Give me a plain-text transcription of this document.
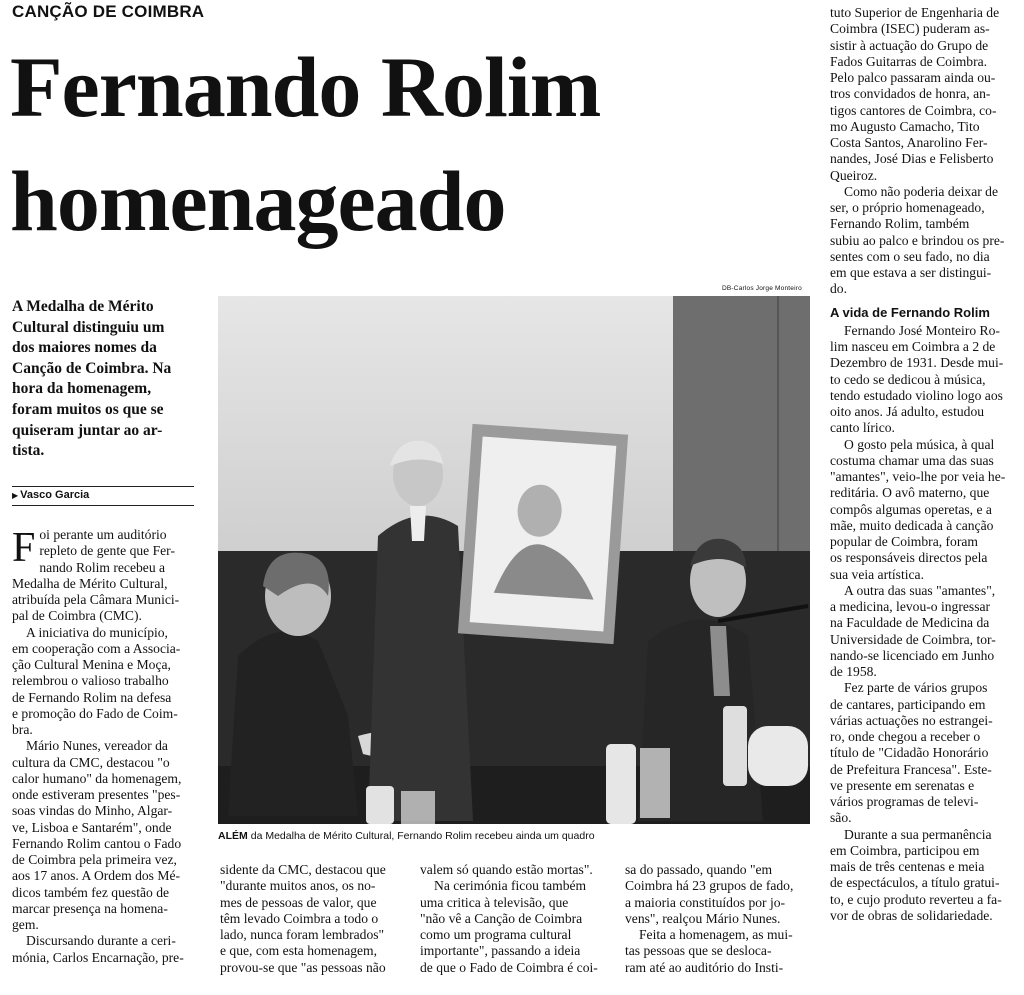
CANÇÃO DE COIMBRA
Fernando Rolim
homenageado
A Medalha de Mérito
Cultural distinguiu um
dos maiores nomes da
Canção de Coimbra. Na
hora da homenagem,
foram muitos os que se
quiseram juntar ao ar-
tista.
▶ Vasco Garcia
F oi perante um auditório
repleto de gente que Fer-
nando Rolim recebeu a
Medalha de Mérito Cultural,
atribuída pela Câmara Munici-
pal de Coimbra (CMC).
A iniciativa do município,
em cooperação com a Associa-
ção Cultural Menina e Moça,
relembrou o valioso trabalho
de Fernando Rolim na defesa
e promoção do Fado de Coim-
bra.
Mário Nunes, vereador da
cultura da CMC, destacou "o
calor humano" da homenagem,
onde estiveram presentes "pes-
soas vindas do Minho, Algar-
ve, Lisboa e Santarém", onde
Fernando Rolim cantou o Fado
de Coimbra pela primeira vez,
aos 17 anos. A Ordem dos Mé-
dicos também fez questão de
marcar presença na homena-
gem.
Discursando durante a ceri-
mónia, Carlos Encarnação, pre-
DB-Carlos Jorge Monteiro
ALÉM da Medalha de Mérito Cultural, Fernando Rolim recebeu ainda um quadro
sidente da CMC, destacou que
"durante muitos anos, os no-
mes de pessoas de valor, que
têm levado Coimbra a todo o
lado, nunca foram lembrados"
e que, com esta homenagem,
provou-se que "as pessoas não
valem só quando estão mortas".
Na cerimónia ficou também
uma critica à televisão, que
"não vê a Canção de Coimbra
como um programa cultural
importante", passando a ideia
de que o Fado de Coimbra é coi-
sa do passado, quando "em
Coimbra há 23 grupos de fado,
a maioria constituídos por jo-
vens", realçou Mário Nunes.
Feita a homenagem, as mui-
tas pessoas que se desloca-
ram até ao auditório do Insti-
tuto Superior de Engenharia de
Coimbra (ISEC) puderam as-
sistir à actuação do Grupo de
Fados Guitarras de Coimbra.
Pelo palco passaram ainda ou-
tros convidados de honra, an-
tigos cantores de Coimbra, co-
mo Augusto Camacho, Tito
Costa Santos, Anarolino Fer-
nandes, José Dias e Felisberto
Queiroz.
Como não poderia deixar de
ser, o próprio homenageado,
Fernando Rolim, também
subiu ao palco e brindou os pre-
sentes com o seu fado, no dia
em que estava a ser distingui-
do.
A vida de Fernando Rolim
Fernando José Monteiro Ro-
lim nasceu em Coimbra a 2 de
Dezembro de 1931. Desde mui-
to cedo se dedicou à música,
tendo estudado violino logo aos
oito anos. Já adulto, estudou
canto lírico.
O gosto pela música, à qual
costuma chamar uma das suas
"amantes", veio-lhe por veia he-
reditária. O avô materno, que
compôs algumas operetas, e a
mãe, muito dedicada à canção
popular de Coimbra, foram
os responsáveis directos pela
sua veia artística.
A outra das suas "amantes",
a medicina, levou-o ingressar
na Faculdade de Medicina da
Universidade de Coimbra, tor-
nando-se licenciado em Junho
de 1958.
Fez parte de vários grupos
de cantares, participando em
várias actuações no estrangei-
ro, onde chegou a receber o
título de "Cidadão Honorário
de Prefeitura Francesa". Este-
ve presente em serenatas e
vários programas de televi-
são.
Durante a sua permanência
em Coimbra, participou em
mais de três centenas e meia
de espectáculos, a título gratui-
to, e cujo produto reverteu a fa-
vor de obras de solidariedade.
